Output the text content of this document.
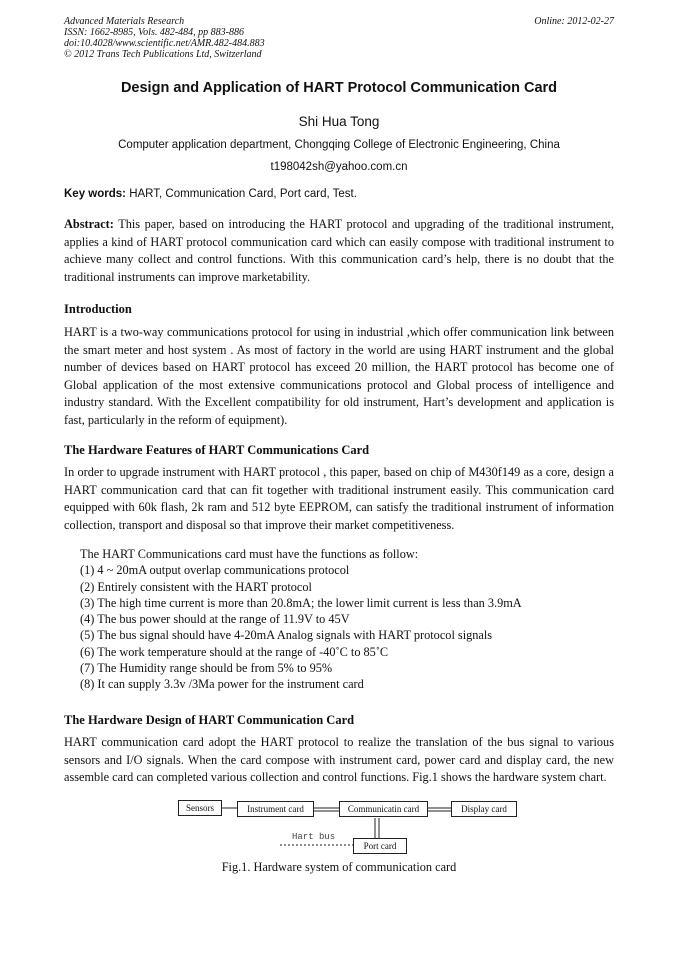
Advanced Materials Research
ISSN: 1662-8985, Vols. 482-484, pp 883-886
doi:10.4028/www.scientific.net/AMR.482-484.883
© 2012 Trans Tech Publications Ltd, Switzerland
Online: 2012-02-27
Design and Application of HART Protocol Communication Card
Shi Hua Tong
Computer application department, Chongqing College of Electronic Engineering, China
t198042sh@yahoo.com.cn
Key words: HART, Communication Card, Port card, Test.

Abstract: This paper, based on introducing the HART protocol and upgrading of the traditional instrument, applies a kind of HART protocol communication card which can easily compose with traditional instrument to achieve many collect and control functions. With this communication card’s help, there is no doubt that the traditional instruments can improve marketability.

Introduction

HART is a two-way communications protocol for using in industrial ,which offer communication link between the smart meter and host system . As most of factory in the world are using HART instrument and the global number of devices based on HART protocol has exceed 20 million, the HART protocol has become one of Global application of the most extensive communications protocol and Global process of intelligence and industry standard. With the Excellent compatibility for old instrument, Hart’s development and application is fast, particularly in the reform of equipment).

The Hardware Features of HART Communications Card

In order to upgrade instrument with HART protocol , this paper, based on chip of M430f149 as a core, design a HART communication card that can fit together with traditional instrument easily. This communication card equipped with 60k flash, 2k ram and 512 byte EEPROM, can satisfy the traditional instrument of information collection, transport and disposal so that improve their market competitiveness.

The HART Communications card must have the functions as follow:
(1) 4 ~ 20mA output overlap communications protocol
(2) Entirely consistent with the HART protocol
(3) The high time current is more than 20.8mA; the lower limit current is less than 3.9mA
(4) The bus power should at the range of 11.9V to 45V
(5) The bus signal should have 4-20mA Analog signals with HART protocol signals
(6) The work temperature should at the range of -40˚C to 85˚C
(7) The Humidity range should be from 5% to 95%
(8) It can supply 3.3v /3Ma power for the instrument card
The Hardware Design of HART Communication Card

HART communication card adopt the HART protocol to realize the translation of the bus signal to various sensors and I/O signals. When the card compose with instrument card, power card and display card, the new assemble card can completed various collection and control functions. Fig.1 shows the hardware system chart.

Sensors	Instrument card	Communicatin card	Display card
Port card
Hart bus
Fig.1. Hardware system of communication card
